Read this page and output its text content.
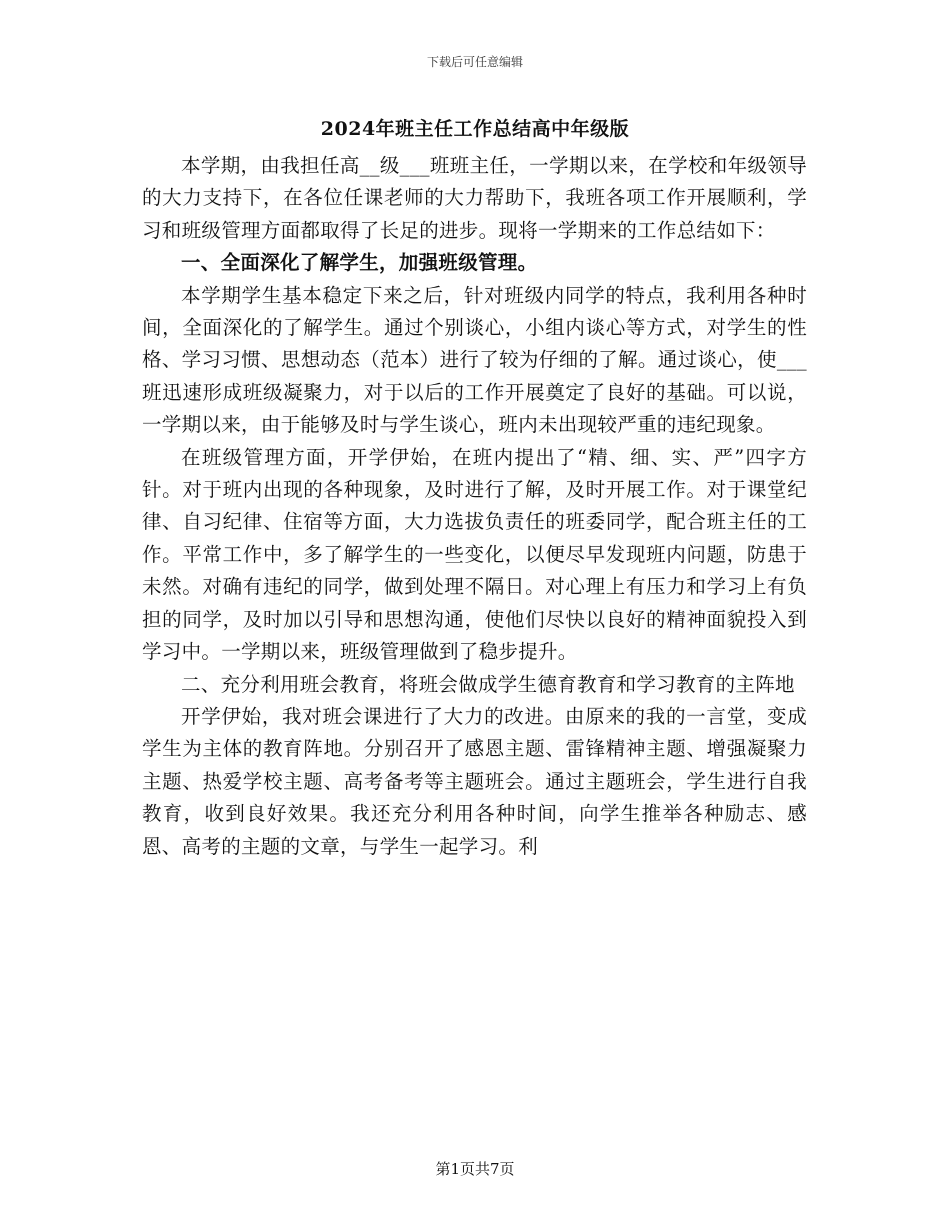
下载后可任意编辑
2024年班主任工作总结高中年级版

本学期，由我担任高__级___班班主任，一学期以来，在学校和年级领导的大力支持下，在各位任课老师的大力帮助下，我班各项工作开展顺利，学习和班级管理方面都取得了长足的进步。现将一学期来的工作总结如下：

一、全面深化了解学生，加强班级管理。

本学期学生基本稳定下来之后，针对班级内同学的特点，我利用各种时间，全面深化的了解学生。通过个别谈心，小组内谈心等方式，对学生的性格、学习习惯、思想动态（范本）进行了较为仔细的了解。通过谈心，使___班迅速形成班级凝聚力，对于以后的工作开展奠定了良好的基础。可以说，一学期以来，由于能够及时与学生谈心，班内未出现较严重的违纪现象。

在班级管理方面，开学伊始，在班内提出了“精、细、实、严”四字方针。对于班内出现的各种现象，及时进行了解，及时开展工作。对于课堂纪律、自习纪律、住宿等方面，大力选拔负责任的班委同学，配合班主任的工作。平常工作中，多了解学生的一些变化，以便尽早发现班内问题，防患于未然。对确有违纪的同学，做到处理不隔日。对心理上有压力和学习上有负担的同学，及时加以引导和思想沟通，使他们尽快以良好的精神面貌投入到学习中。一学期以来，班级管理做到了稳步提升。

二、充分利用班会教育，将班会做成学生德育教育和学习教育的主阵地

开学伊始，我对班会课进行了大力的改进。由原来的我的一言堂，变成学生为主体的教育阵地。分别召开了感恩主题、雷锋精神主题、增强凝聚力主题、热爱学校主题、高考备考等主题班会。通过主题班会，学生进行自我教育，收到良好效果。我还充分利用各种时间，向学生推举各种励志、感恩、高考的主题的文章，与学生一起学习。利

第1页共7页
